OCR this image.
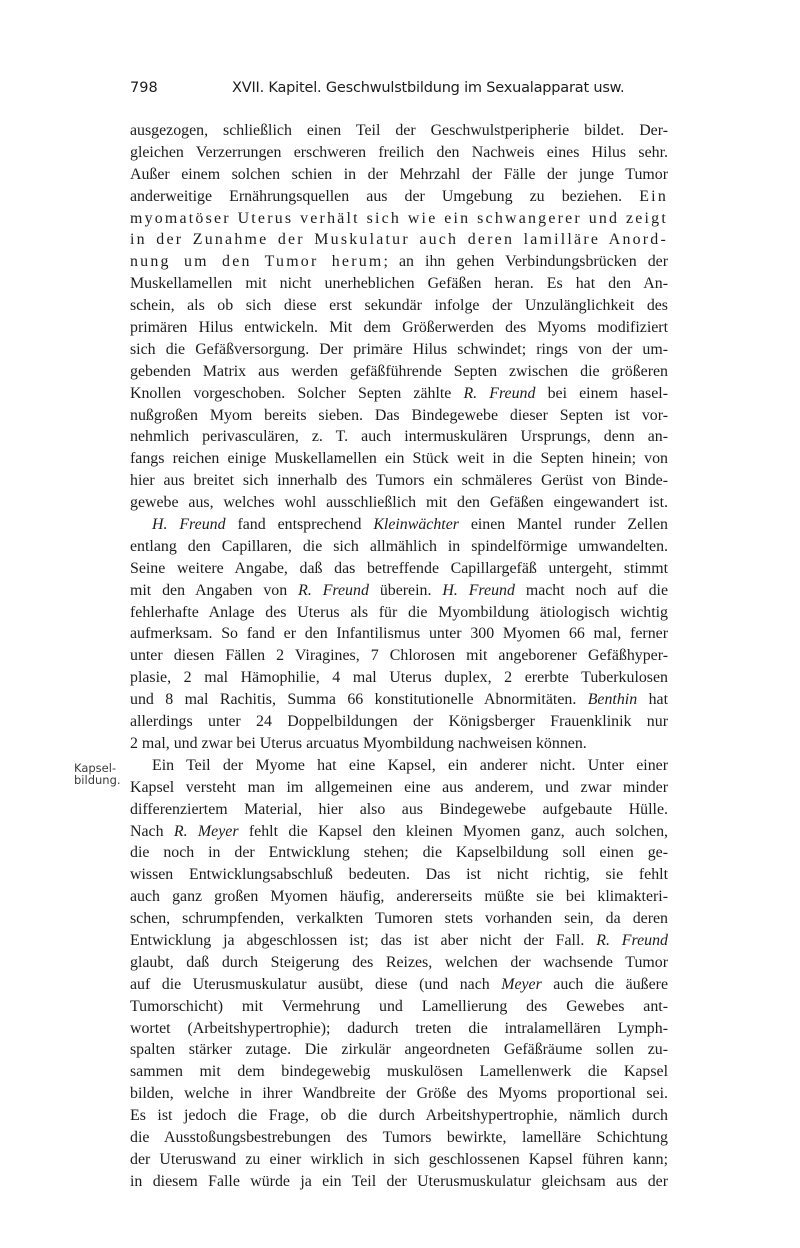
798	XVII. Kapitel. Geschwulstbildung im Sexualapparat usw.
Kapsel-
bildung.
ausgezogen, schließlich einen Teil der Geschwulstperipherie bildet. Der-
gleichen Verzerrungen erschweren freilich den Nachweis eines Hilus sehr.
Außer einem solchen schien in der Mehrzahl der Fälle der junge Tumor
anderweitige Ernährungsquellen aus der Umgebung zu beziehen. Ein
myomatöser Uterus verhält sich wie ein schwangerer und zeigt
in der Zunahme der Muskulatur auch deren lamilläre Anord-
nung um den Tumor herum; an ihn gehen Verbindungsbrücken der
Muskellamellen mit nicht unerheblichen Gefäßen heran. Es hat den An-
schein, als ob sich diese erst sekundär infolge der Unzulänglichkeit des
primären Hilus entwickeln. Mit dem Größerwerden des Myoms modifiziert
sich die Gefäßversorgung. Der primäre Hilus schwindet; rings von der um-
gebenden Matrix aus werden gefäßführende Septen zwischen die größeren
Knollen vorgeschoben. Solcher Septen zählte R. Freund bei einem hasel-
nußgroßen Myom bereits sieben. Das Bindegewebe dieser Septen ist vor-
nehmlich perivasculären, z. T. auch intermuskulären Ursprungs, denn an-
fangs reichen einige Muskellamellen ein Stück weit in die Septen hinein; von
hier aus breitet sich innerhalb des Tumors ein schmäleres Gerüst von Binde-
gewebe aus, welches wohl ausschließlich mit den Gefäßen eingewandert ist.
H. Freund fand entsprechend Kleinwächter einen Mantel runder Zellen
entlang den Capillaren, die sich allmählich in spindelförmige umwandelten.
Seine weitere Angabe, daß das betreffende Capillargefäß untergeht, stimmt
mit den Angaben von R. Freund überein. H. Freund macht noch auf die
fehlerhafte Anlage des Uterus als für die Myombildung ätiologisch wichtig
aufmerksam. So fand er den Infantilismus unter 300 Myomen 66 mal, ferner
unter diesen Fällen 2 Viragines, 7 Chlorosen mit angeborener Gefäßhyper-
plasie, 2 mal Hämophilie, 4 mal Uterus duplex, 2 ererbte Tuberkulosen
und 8 mal Rachitis, Summa 66 konstitutionelle Abnormitäten. Benthin hat
allerdings unter 24 Doppelbildungen der Königsberger Frauenklinik nur
2 mal, und zwar bei Uterus arcuatus Myombildung nachweisen können.
Ein Teil der Myome hat eine Kapsel, ein anderer nicht. Unter einer
Kapsel versteht man im allgemeinen eine aus anderem, und zwar minder
differenziertem Material, hier also aus Bindegewebe aufgebaute Hülle.
Nach R. Meyer fehlt die Kapsel den kleinen Myomen ganz, auch solchen,
die noch in der Entwicklung stehen; die Kapselbildung soll einen ge-
wissen Entwicklungsabschluß bedeuten. Das ist nicht richtig, sie fehlt
auch ganz großen Myomen häufig, andererseits müßte sie bei klimakteri-
schen, schrumpfenden, verkalkten Tumoren stets vorhanden sein, da deren
Entwicklung ja abgeschlossen ist; das ist aber nicht der Fall. R. Freund
glaubt, daß durch Steigerung des Reizes, welchen der wachsende Tumor
auf die Uterusmuskulatur ausübt, diese (und nach Meyer auch die äußere
Tumorschicht) mit Vermehrung und Lamellierung des Gewebes ant-
wortet (Arbeitshypertrophie); dadurch treten die intralamellären Lymph-
spalten stärker zutage. Die zirkulär angeordneten Gefäßräume sollen zu-
sammen mit dem bindegewebig muskulösen Lamellenwerk die Kapsel
bilden, welche in ihrer Wandbreite der Größe des Myoms proportional sei.
Es ist jedoch die Frage, ob die durch Arbeitshypertrophie, nämlich durch
die Ausstoßungsbestrebungen des Tumors bewirkte, lamelläre Schichtung
der Uteruswand zu einer wirklich in sich geschlossenen Kapsel führen kann;
in diesem Falle würde ja ein Teil der Uterusmuskulatur gleichsam aus der
